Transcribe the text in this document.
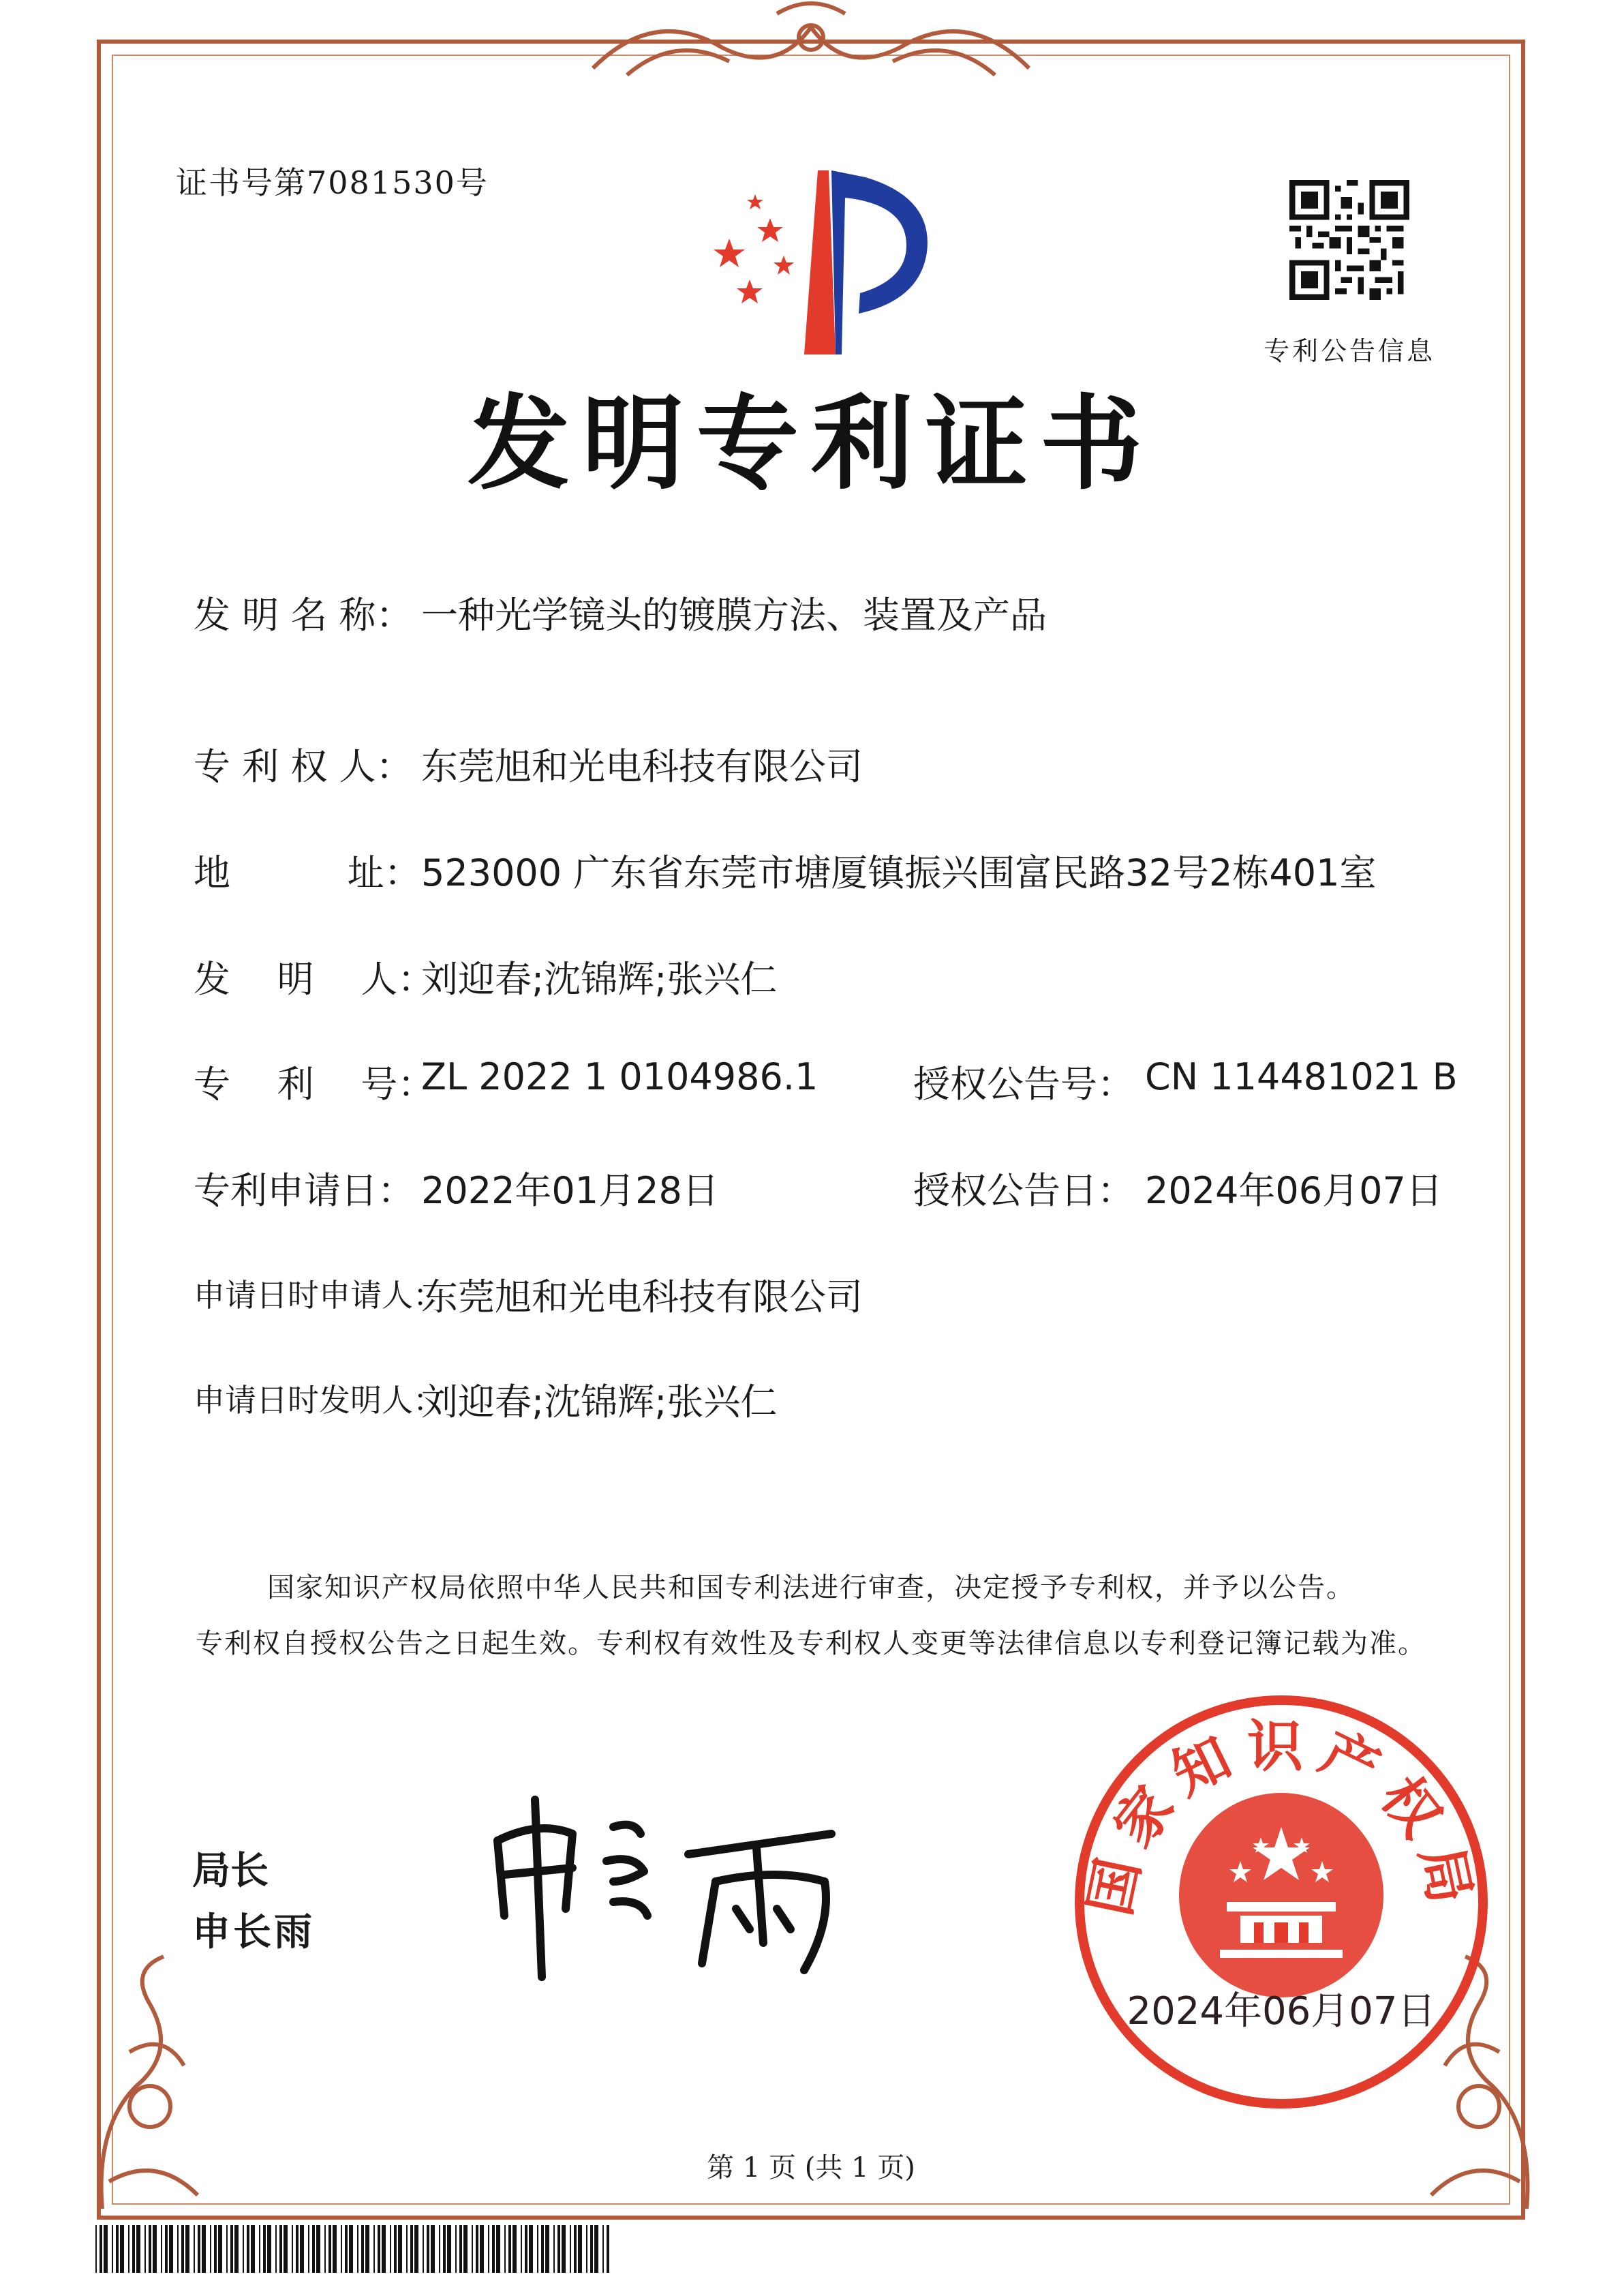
证书号第7081530号
专利公告信息
发明专利证书
发 明 名 称： 一种光学镜头的镀膜方法、装置及产品
专 利 权 人： 东莞旭和光电科技有限公司
地          址： 523000 广东省东莞市塘厦镇振兴围富民路32号2栋401室
发    明    人：
刘迎春;沈锦辉;张兴仁
专    利    号：
ZL 2022 1 0104986.1	授权公告号： CN 114481021 B
专利申请日： 2022年01月28日	授权公告日： 2024年06月07日
申请日时申请人：
东莞旭和光电科技有限公司
申请日时发明人：
刘迎春;沈锦辉;张兴仁
国家知识产权局依照中华人民共和国专利法进行审查，决定授予专利权，并予以公告。
专利权自授权公告之日起生效。专利权有效性及专利权人变更等法律信息以专利登记簿记载为准。
局长
申长雨
国家知识产权局
2024年06月07日
第 1 页 (共 1 页)
